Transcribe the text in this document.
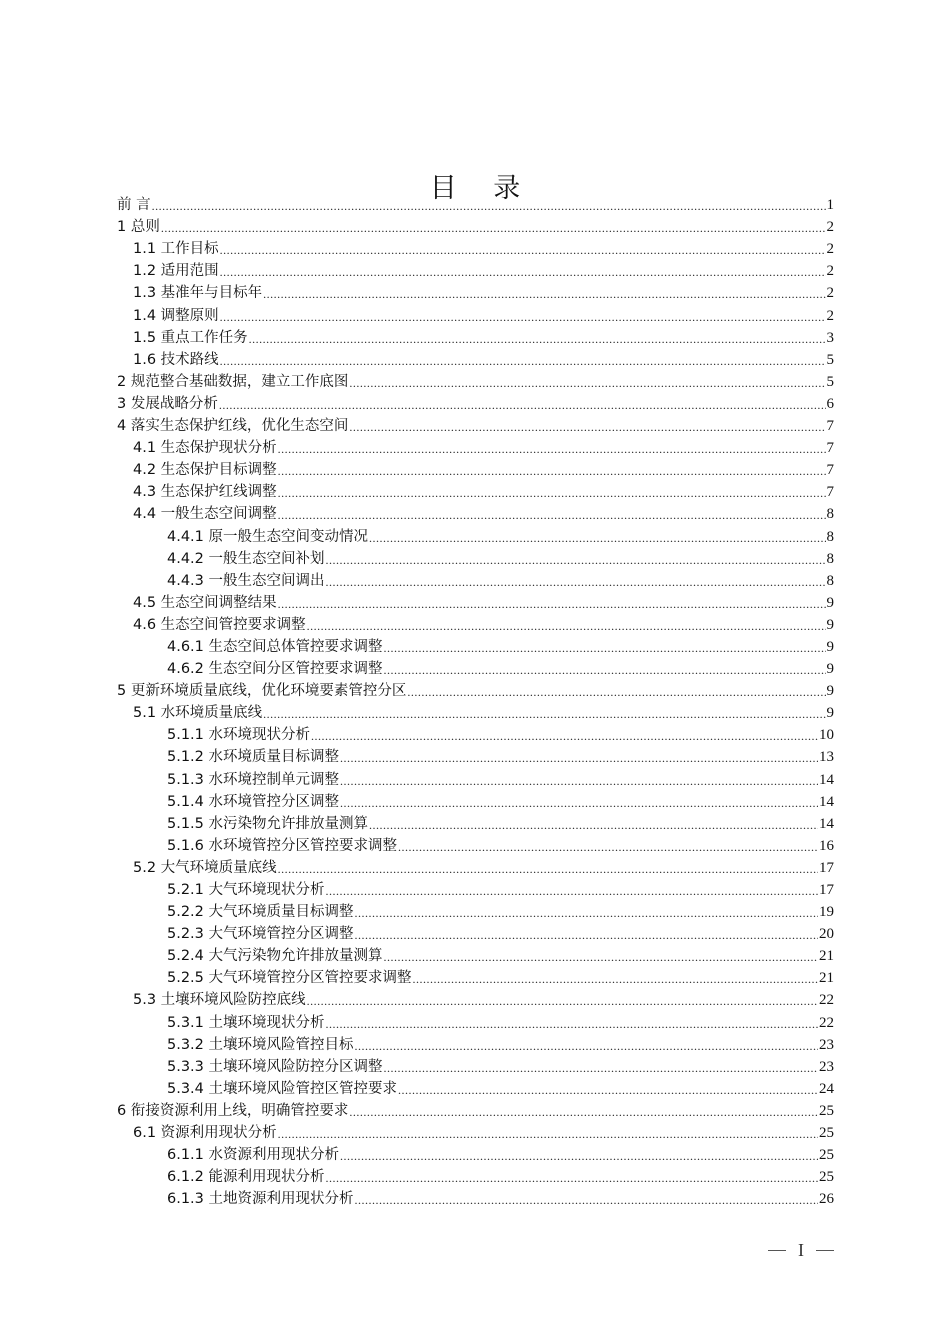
目 录
前 言 .....	1
1 总则 .....	2
1.1 工作目标 .....	2
1.2 适用范围 .....	2
1.3 基准年与目标年 .....	2
1.4 调整原则 .....	2
1.5 重点工作任务 .....	3
1.6 技术路线 .....	5
2 规范整合基础数据，建立工作底图 .....	5
3 发展战略分析 .....	6
4 落实生态保护红线，优化生态空间 .....	7
4.1 生态保护现状分析 .....	7
4.2 生态保护目标调整 .....	7
4.3 生态保护红线调整 .....	7
4.4 一般生态空间调整 .....	8
4.4.1 原一般生态空间变动情况 .....	8
4.4.2 一般生态空间补划 .....	8
4.4.3 一般生态空间调出 .....	8
4.5 生态空间调整结果 .....	9
4.6 生态空间管控要求调整 .....	9
4.6.1 生态空间总体管控要求调整 .....	9
4.6.2 生态空间分区管控要求调整 .....	9
5 更新环境质量底线，优化环境要素管控分区 .....	9
5.1 水环境质量底线 .....	9
5.1.1 水环境现状分析 .....	10
5.1.2 水环境质量目标调整 .....	13
5.1.3 水环境控制单元调整 .....	14
5.1.4 水环境管控分区调整 .....	14
5.1.5 水污染物允许排放量测算 .....	14
5.1.6 水环境管控分区管控要求调整 .....	16
5.2 大气环境质量底线 .....	17
5.2.1 大气环境现状分析 .....	17
5.2.2 大气环境质量目标调整 .....	19
5.2.3 大气环境管控分区调整 .....	20
5.2.4 大气污染物允许排放量测算 .....	21
5.2.5 大气环境管控分区管控要求调整 .....	21
5.3 土壤环境风险防控底线 .....	22
5.3.1 土壤环境现状分析 .....	22
5.3.2 土壤环境风险管控目标 .....	23
5.3.3 土壤环境风险防控分区调整 .....	23
5.3.4 土壤环境风险管控区管控要求 .....	24
6 衔接资源利用上线，明确管控要求 .....	25
6.1 资源利用现状分析 .....	25
6.1.1 水资源利用现状分析 .....	25
6.1.2 能源利用现状分析 .....	25
6.1.3 土地资源利用现状分析 .....	26
I
